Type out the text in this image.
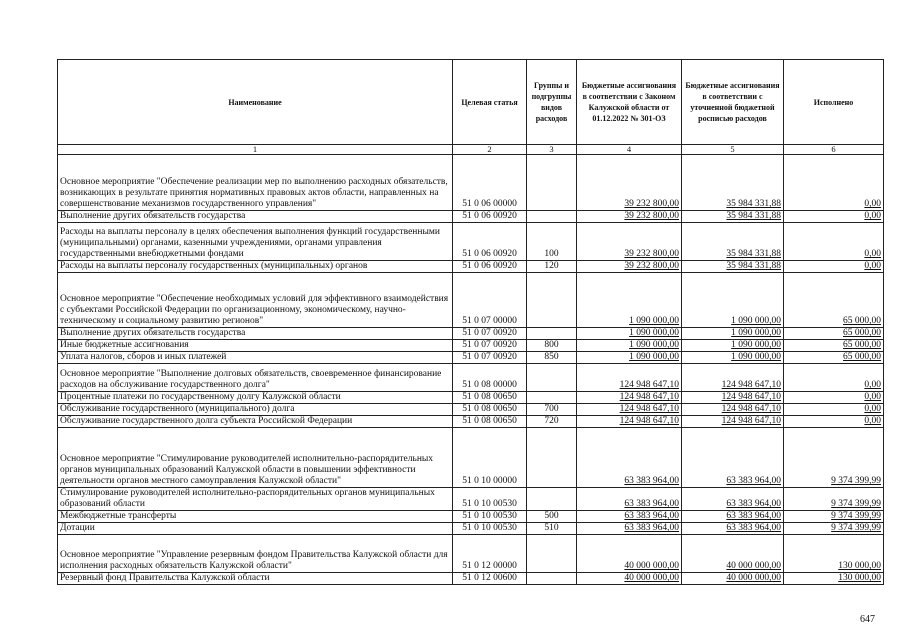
Наименование	Целевая статья	Группы и подгруппы видов расходов	Бюджетные ассигнования в соответствии с Законом Калужской области от 01.12.2022 № 301-ОЗ	Бюджетные ассигнования в соответствии с уточненной бюджетной росписью расходов	Исполнено
1	2	3	4	5	6
Основное мероприятие "Обеспечение реализации мер по выполнению расходных обязательств, возникающих в результате принятия нормативных правовых актов области, направленных на совершенствование механизмов государственного управления"	51 0 06 00000		39 232 800,00	35 984 331,88	0,00
Выполнение других обязательств государства	51 0 06 00920		39 232 800,00	35 984 331,88	0,00
Расходы на выплаты персоналу в целях обеспечения выполнения функций государственными (муниципальными) органами, казенными учреждениями, органами управления государственными внебюджетными фондами	51 0 06 00920	100	39 232 800,00	35 984 331,88	0,00
Расходы на выплаты персоналу государственных (муниципальных) органов	51 0 06 00920	120	39 232 800,00	35 984 331,88	0,00
Основное мероприятие "Обеспечение необходимых условий для эффективного взаимодействия с субъектами Российской Федерации по организационному, экономическому, научно-техническому и социальному развитию регионов"	51 0 07 00000		1 090 000,00	1 090 000,00	65 000,00
Выполнение других обязательств государства	51 0 07 00920		1 090 000,00	1 090 000,00	65 000,00
Иные бюджетные ассигнования	51 0 07 00920	800	1 090 000,00	1 090 000,00	65 000,00
Уплата налогов, сборов и иных платежей	51 0 07 00920	850	1 090 000,00	1 090 000,00	65 000,00
Основное мероприятие "Выполнение долговых обязательств, своевременное финансирование расходов на обслуживание государственного долга"	51 0 08 00000		124 948 647,10	124 948 647,10	0,00
Процентные платежи по государственному долгу Калужской области	51 0 08 00650		124 948 647,10	124 948 647,10	0,00
Обслуживание государственного (муниципального) долга	51 0 08 00650	700	124 948 647,10	124 948 647,10	0,00
Обслуживание государственного долга субъекта Российской Федерации	51 0 08 00650	720	124 948 647,10	124 948 647,10	0,00
Основное мероприятие "Стимулирование руководителей исполнительно-распорядительных органов муниципальных образований Калужской области в повышении эффективности деятельности органов местного самоуправления Калужской области"	51 0 10 00000		63 383 964,00	63 383 964,00	9 374 399,99
Стимулирование руководителей исполнительно-распорядительных органов муниципальных образований области	51 0 10 00530		63 383 964,00	63 383 964,00	9 374 399,99
Межбюджетные трансферты	51 0 10 00530	500	63 383 964,00	63 383 964,00	9 374 399,99
Дотации	51 0 10 00530	510	63 383 964,00	63 383 964,00	9 374 399,99
Основное мероприятие "Управление резервным фондом Правительства Калужской области для исполнения расходных обязательств Калужской области"	51 0 12 00000		40 000 000,00	40 000 000,00	130 000,00
Резервный фонд Правительства Калужской области	51 0 12 00600		40 000 000,00	40 000 000,00	130 000,00
647
